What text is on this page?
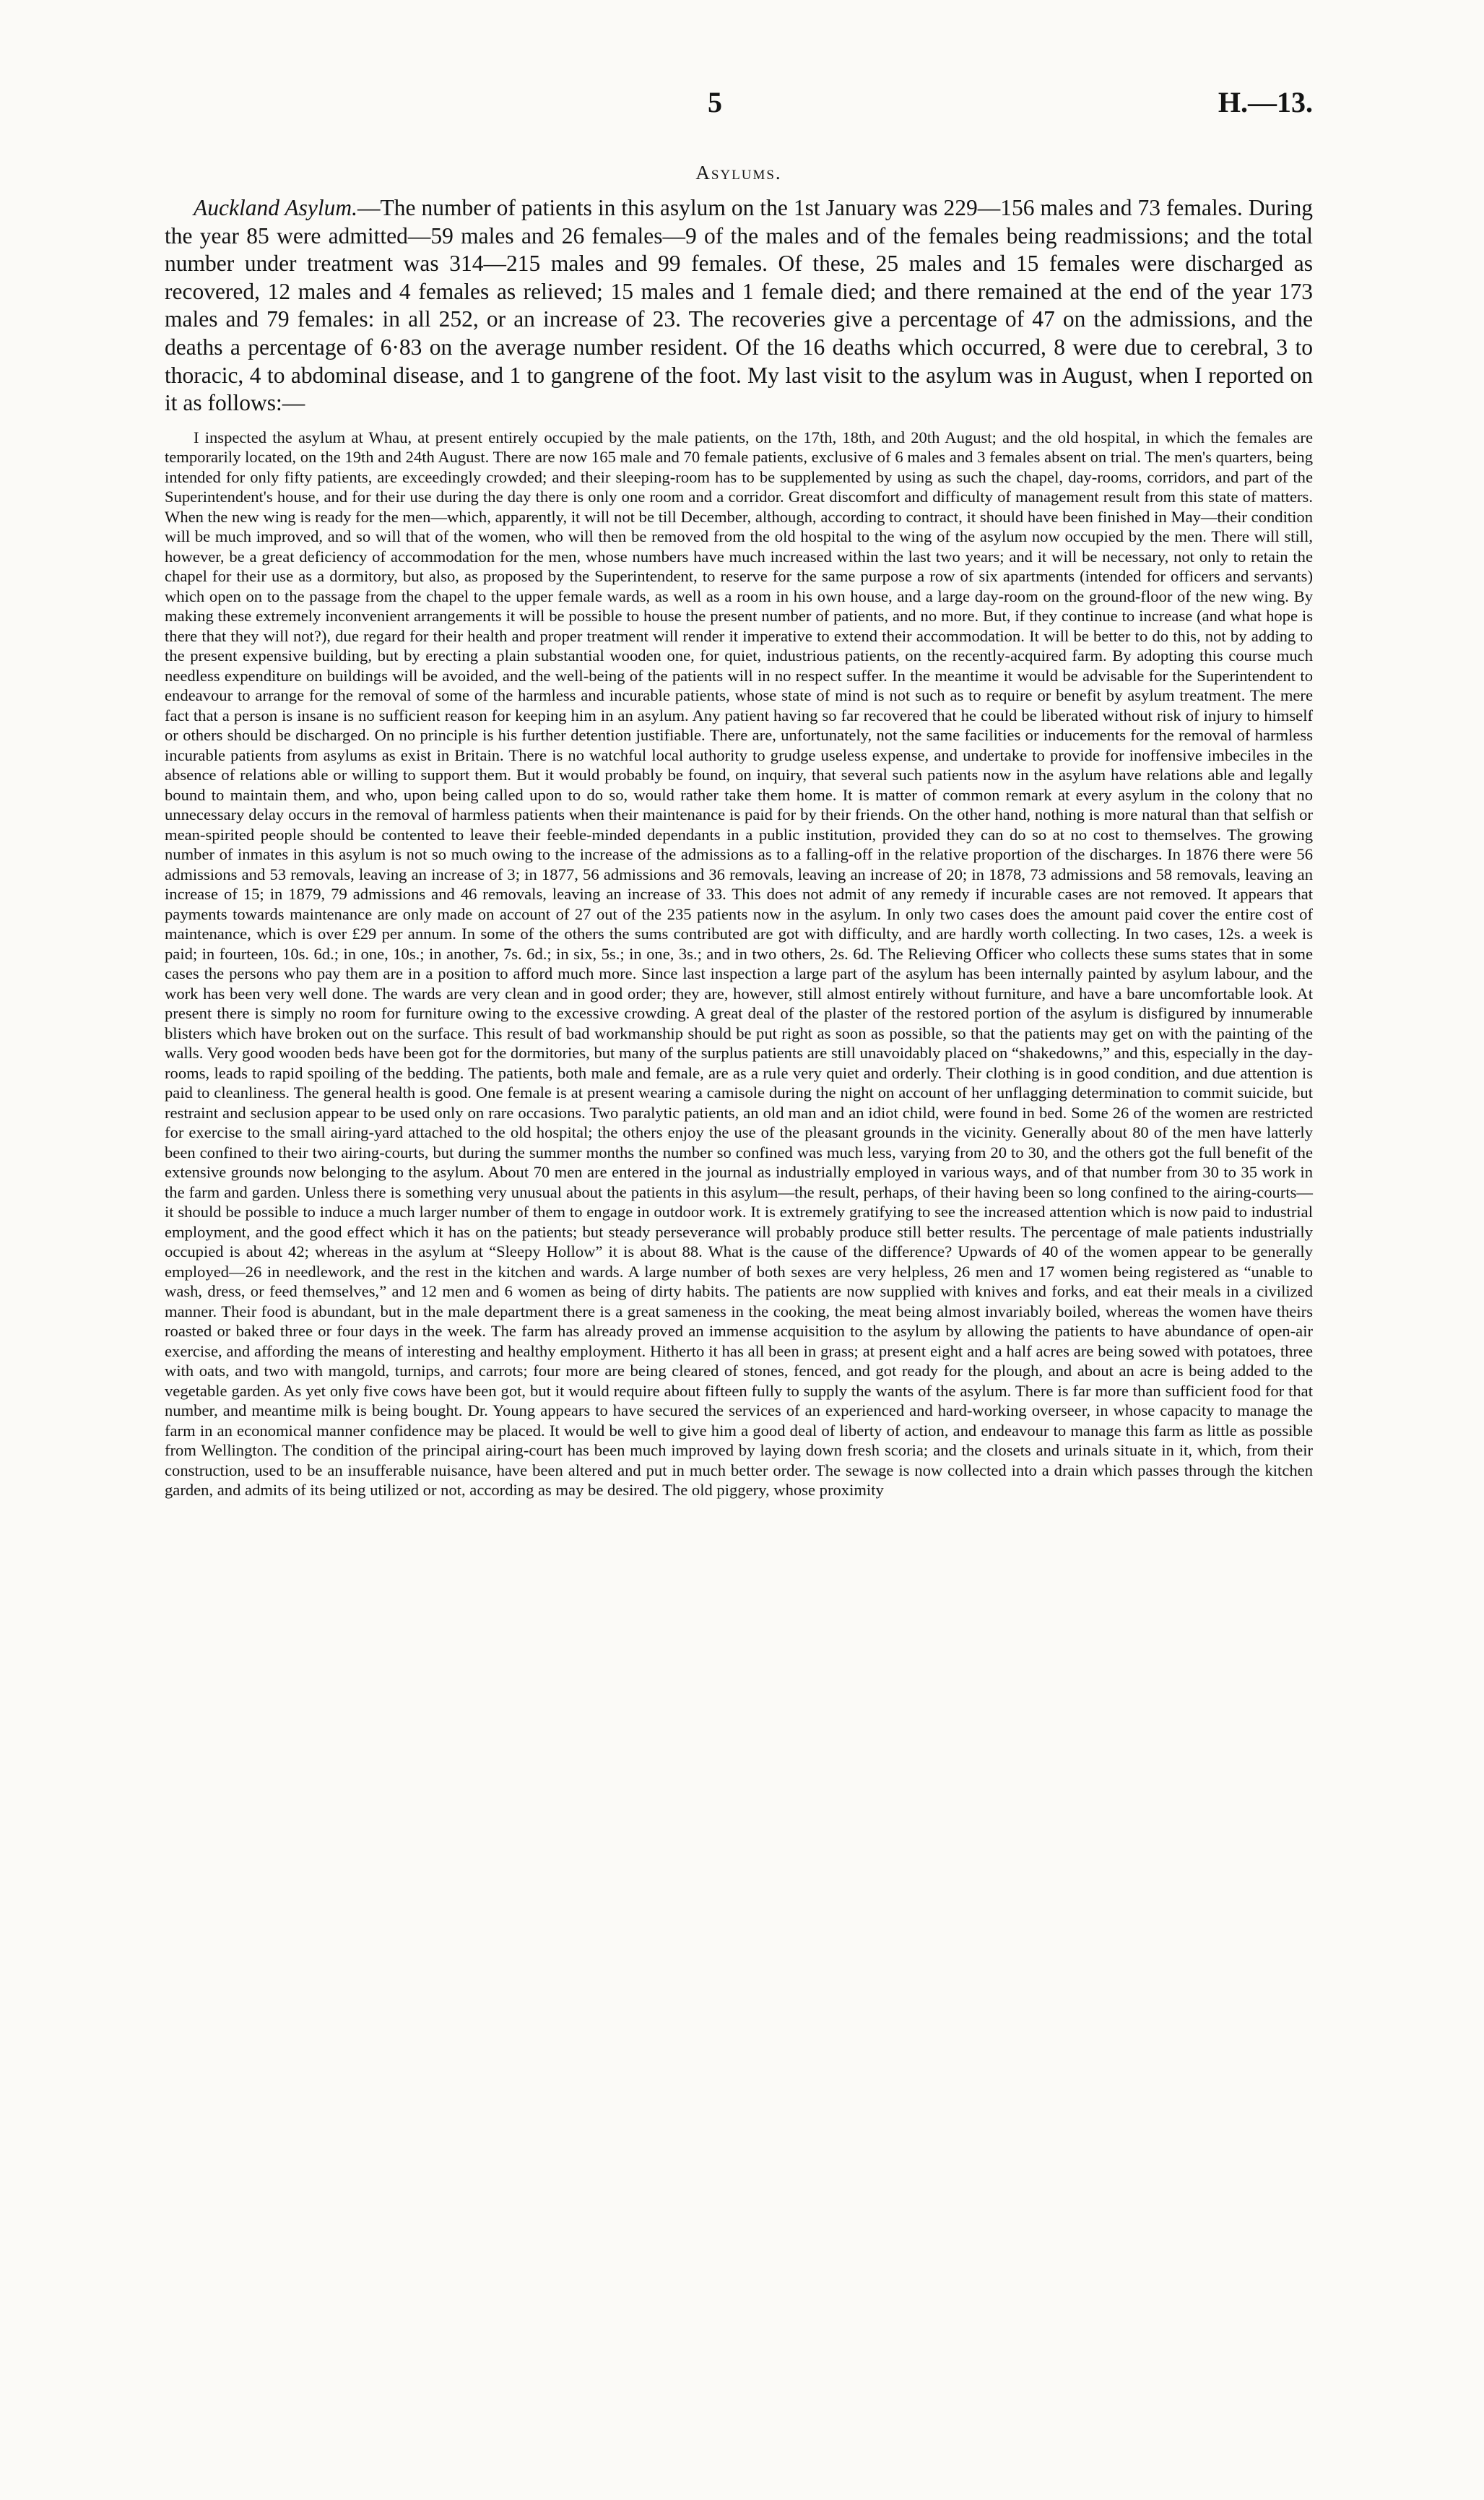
5	H.—13.
Asylums.

Auckland Asylum.—The number of patients in this asylum on the 1st January was 229—156 males and 73 females. During the year 85 were admitted—59 males and 26 females—9 of the males and of the females being readmissions; and the total number under treatment was 314—215 males and 99 females. Of these, 25 males and 15 females were discharged as recovered, 12 males and 4 females as relieved; 15 males and 1 female died; and there remained at the end of the year 173 males and 79 females: in all 252, or an increase of 23. The recoveries give a percentage of 47 on the admissions, and the deaths a percentage of 6·83 on the average number resident. Of the 16 deaths which occurred, 8 were due to cerebral, 3 to thoracic, 4 to abdominal disease, and 1 to gangrene of the foot. My last visit to the asylum was in August, when I reported on it as follows:—

I inspected the asylum at Whau, at present entirely occupied by the male patients, on the 17th, 18th, and 20th August; and the old hospital, in which the females are temporarily located, on the 19th and 24th August. There are now 165 male and 70 female patients, exclusive of 6 males and 3 females absent on trial. The men's quarters, being intended for only fifty patients, are exceedingly crowded; and their sleeping-room has to be supplemented by using as such the chapel, day-rooms, corridors, and part of the Superintendent's house, and for their use during the day there is only one room and a corridor. Great discomfort and difficulty of management result from this state of matters. When the new wing is ready for the men—which, apparently, it will not be till December, although, according to contract, it should have been finished in May—their condition will be much improved, and so will that of the women, who will then be removed from the old hospital to the wing of the asylum now occupied by the men. There will still, however, be a great deficiency of accommodation for the men, whose numbers have much increased within the last two years; and it will be necessary, not only to retain the chapel for their use as a dormitory, but also, as proposed by the Superintendent, to reserve for the same purpose a row of six apartments (intended for officers and servants) which open on to the passage from the chapel to the upper female wards, as well as a room in his own house, and a large day-room on the ground-floor of the new wing. By making these extremely inconvenient arrangements it will be possible to house the present number of patients, and no more. But, if they continue to increase (and what hope is there that they will not?), due regard for their health and proper treatment will render it imperative to extend their accommodation. It will be better to do this, not by adding to the present expensive building, but by erecting a plain substantial wooden one, for quiet, industrious patients, on the recently-acquired farm. By adopting this course much needless expenditure on buildings will be avoided, and the well-being of the patients will in no respect suffer. In the meantime it would be advisable for the Superintendent to endeavour to arrange for the removal of some of the harmless and incurable patients, whose state of mind is not such as to require or benefit by asylum treatment. The mere fact that a person is insane is no sufficient reason for keeping him in an asylum. Any patient having so far recovered that he could be liberated without risk of injury to himself or others should be discharged. On no principle is his further detention justifiable. There are, unfortunately, not the same facilities or inducements for the removal of harmless incurable patients from asylums as exist in Britain. There is no watchful local authority to grudge useless expense, and undertake to provide for inoffensive imbeciles in the absence of relations able or willing to support them. But it would probably be found, on inquiry, that several such patients now in the asylum have relations able and legally bound to maintain them, and who, upon being called upon to do so, would rather take them home. It is matter of common remark at every asylum in the colony that no unnecessary delay occurs in the removal of harmless patients when their maintenance is paid for by their friends. On the other hand, nothing is more natural than that selfish or mean-spirited people should be contented to leave their feeble-minded dependants in a public institution, provided they can do so at no cost to themselves. The growing number of inmates in this asylum is not so much owing to the increase of the admissions as to a falling-off in the relative proportion of the discharges. In 1876 there were 56 admissions and 53 removals, leaving an increase of 3; in 1877, 56 admissions and 36 removals, leaving an increase of 20; in 1878, 73 admissions and 58 removals, leaving an increase of 15; in 1879, 79 admissions and 46 removals, leaving an increase of 33. This does not admit of any remedy if incurable cases are not removed. It appears that payments towards maintenance are only made on account of 27 out of the 235 patients now in the asylum. In only two cases does the amount paid cover the entire cost of maintenance, which is over £29 per annum. In some of the others the sums contributed are got with difficulty, and are hardly worth collecting. In two cases, 12s. a week is paid; in fourteen, 10s. 6d.; in one, 10s.; in another, 7s. 6d.; in six, 5s.; in one, 3s.; and in two others, 2s. 6d. The Relieving Officer who collects these sums states that in some cases the persons who pay them are in a position to afford much more. Since last inspection a large part of the asylum has been internally painted by asylum labour, and the work has been very well done. The wards are very clean and in good order; they are, however, still almost entirely without furniture, and have a bare uncomfortable look. At present there is simply no room for furniture owing to the excessive crowding. A great deal of the plaster of the restored portion of the asylum is disfigured by innumerable blisters which have broken out on the surface. This result of bad workmanship should be put right as soon as possible, so that the patients may get on with the painting of the walls. Very good wooden beds have been got for the dormitories, but many of the surplus patients are still unavoidably placed on “shakedowns,” and this, especially in the day-rooms, leads to rapid spoiling of the bedding. The patients, both male and female, are as a rule very quiet and orderly. Their clothing is in good condition, and due attention is paid to cleanliness. The general health is good. One female is at present wearing a camisole during the night on account of her unflagging determination to commit suicide, but restraint and seclusion appear to be used only on rare occasions. Two paralytic patients, an old man and an idiot child, were found in bed. Some 26 of the women are restricted for exercise to the small airing-yard attached to the old hospital; the others enjoy the use of the pleasant grounds in the vicinity. Generally about 80 of the men have latterly been confined to their two airing-courts, but during the summer months the number so confined was much less, varying from 20 to 30, and the others got the full benefit of the extensive grounds now belonging to the asylum. About 70 men are entered in the journal as industrially employed in various ways, and of that number from 30 to 35 work in the farm and garden. Unless there is something very unusual about the patients in this asylum—the result, perhaps, of their having been so long confined to the airing-courts—it should be possible to induce a much larger number of them to engage in outdoor work. It is extremely gratifying to see the increased attention which is now paid to industrial employment, and the good effect which it has on the patients; but steady perseverance will probably produce still better results. The percentage of male patients industrially occupied is about 42; whereas in the asylum at “Sleepy Hollow” it is about 88. What is the cause of the difference? Upwards of 40 of the women appear to be generally employed—26 in needlework, and the rest in the kitchen and wards. A large number of both sexes are very helpless, 26 men and 17 women being registered as “unable to wash, dress, or feed themselves,” and 12 men and 6 women as being of dirty habits. The patients are now supplied with knives and forks, and eat their meals in a civilized manner. Their food is abundant, but in the male department there is a great sameness in the cooking, the meat being almost invariably boiled, whereas the women have theirs roasted or baked three or four days in the week. The farm has already proved an immense acquisition to the asylum by allowing the patients to have abundance of open-air exercise, and affording the means of interesting and healthy employment. Hitherto it has all been in grass; at present eight and a half acres are being sowed with potatoes, three with oats, and two with mangold, turnips, and carrots; four more are being cleared of stones, fenced, and got ready for the plough, and about an acre is being added to the vegetable garden. As yet only five cows have been got, but it would require about fifteen fully to supply the wants of the asylum. There is far more than sufficient food for that number, and meantime milk is being bought. Dr. Young appears to have secured the services of an experienced and hard-working overseer, in whose capacity to manage the farm in an economical manner confidence may be placed. It would be well to give him a good deal of liberty of action, and endeavour to manage this farm as little as possible from Wellington. The condition of the principal airing-court has been much improved by laying down fresh scoria; and the closets and urinals situate in it, which, from their construction, used to be an insufferable nuisance, have been altered and put in much better order. The sewage is now collected into a drain which passes through the kitchen garden, and admits of its being utilized or not, according as may be desired. The old piggery, whose proximity
